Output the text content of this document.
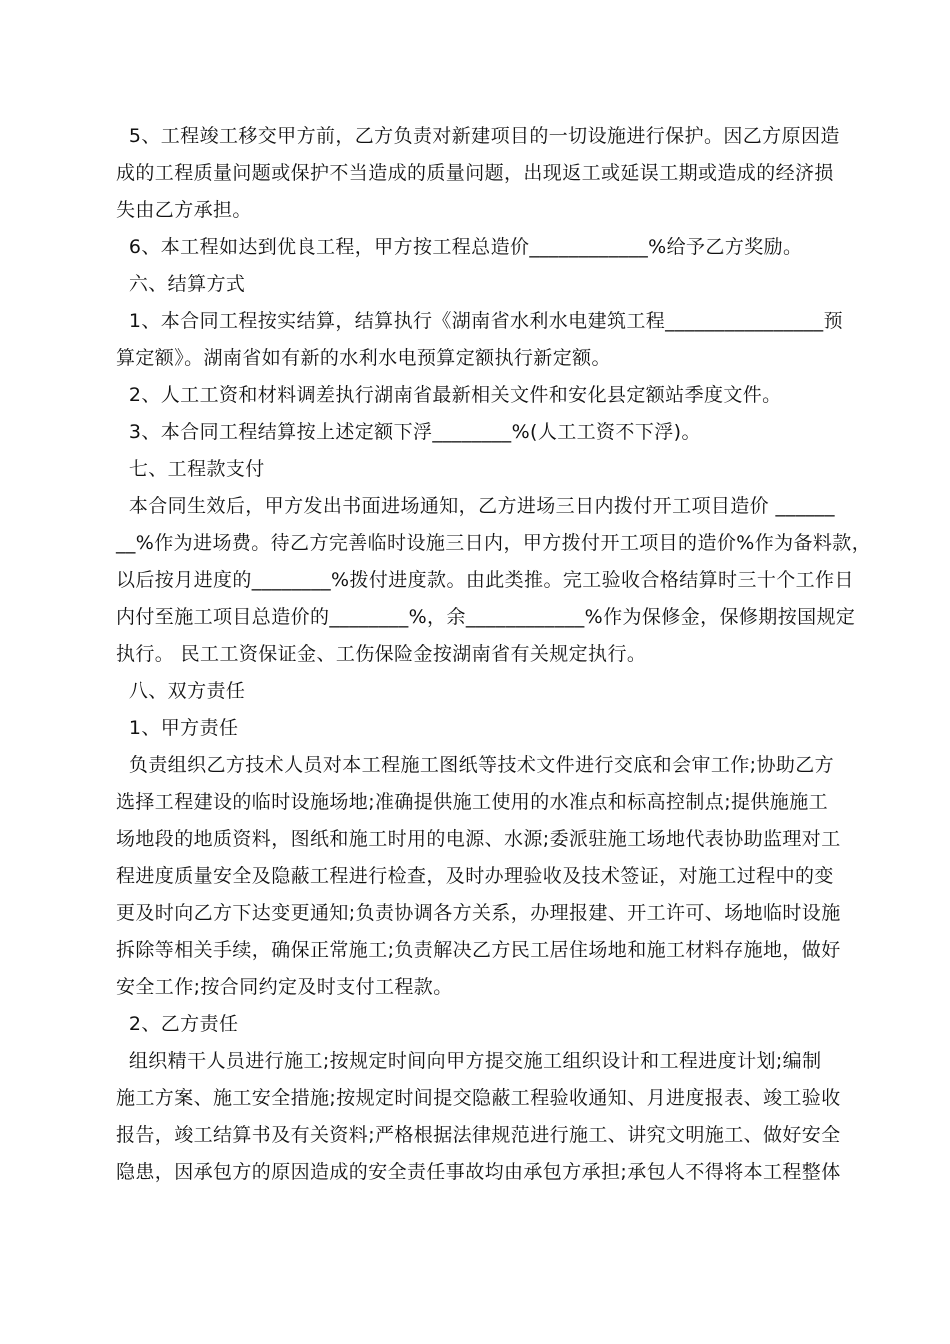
5、工程竣工移交甲方前，乙方负责对新建项目的一切设施进行保护。因乙方原因造
成的工程质量问题或保护不当造成的质量问题，出现返工或延误工期或造成的经济损
失由乙方承担。
6、本工程如达到优良工程，甲方按工程总造价____________%给予乙方奖励。
六、结算方式
1、本合同工程按实结算，结算执行《湖南省水利水电建筑工程________________预
算定额》。湖南省如有新的水利水电预算定额执行新定额。
2、人工工资和材料调差执行湖南省最新相关文件和安化县定额站季度文件。
3、本合同工程结算按上述定额下浮________%(人工工资不下浮)。
七、工程款支付
本合同生效后，甲方发出书面进场通知，乙方进场三日内拨付开工项目造价 ______
__%作为进场费。待乙方完善临时设施三日内，甲方拨付开工项目的造价%作为备料款，
以后按月进度的________%拨付进度款。由此类推。完工验收合格结算时三十个工作日
内付至施工项目总造价的________%，余____________%作为保修金，保修期按国规定
执行。 民工工资保证金、工伤保险金按湖南省有关规定执行。
八、双方责任
1、甲方责任
负责组织乙方技术人员对本工程施工图纸等技术文件进行交底和会审工作;协助乙方
选择工程建设的临时设施场地;准确提供施工使用的水准点和标高控制点;提供施施工
场地段的地质资料，图纸和施工时用的电源、水源;委派驻施工场地代表协助监理对工
程进度质量安全及隐蔽工程进行检查，及时办理验收及技术签证，对施工过程中的变
更及时向乙方下达变更通知;负责协调各方关系，办理报建、开工许可、场地临时设施
拆除等相关手续，确保正常施工;负责解决乙方民工居住场地和施工材料存施地，做好
安全工作;按合同约定及时支付工程款。
2、乙方责任
组织精干人员进行施工;按规定时间向甲方提交施工组织设计和工程进度计划;编制
施工方案、施工安全措施;按规定时间提交隐蔽工程验收通知、月进度报表、竣工验收
报告，竣工结算书及有关资料;严格根据法律规范进行施工、讲究文明施工、做好安全
隐患，因承包方的原因造成的安全责任事故均由承包方承担;承包人不得将本工程整体
